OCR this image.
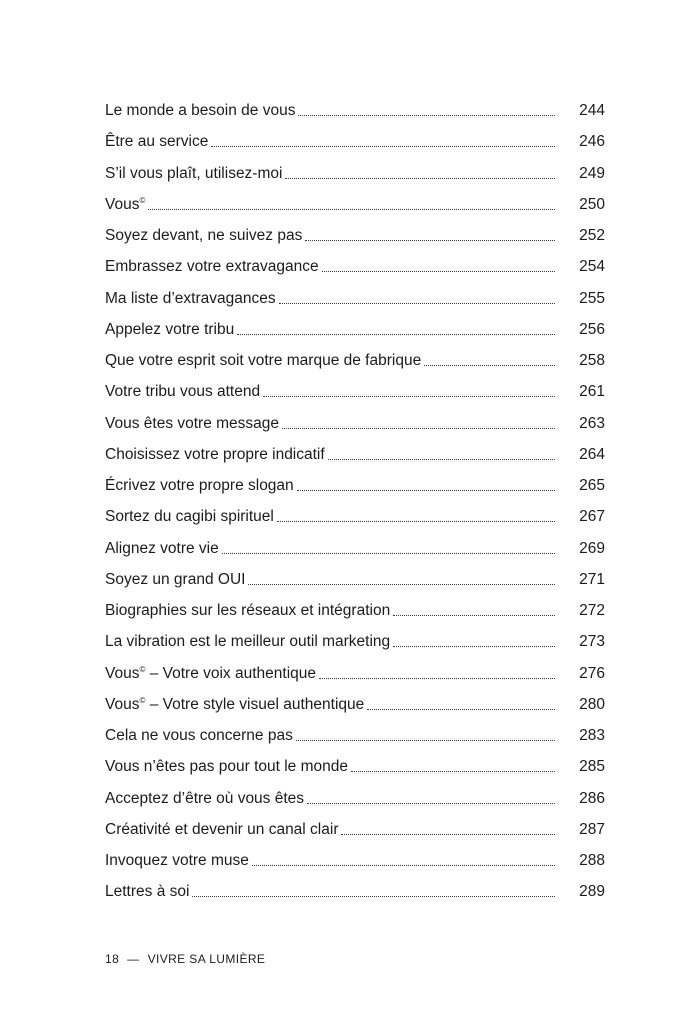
Le monde a besoin de vous	244
Être au service	246
S’il vous plaît, utilisez-moi	249
Vous©	250
Soyez devant, ne suivez pas	252
Embrassez votre extravagance	254
Ma liste d’extravagances	255
Appelez votre tribu	256
Que votre esprit soit votre marque de fabrique	258
Votre tribu vous attend	261
Vous êtes votre message	263
Choisissez votre propre indicatif	264
Écrivez votre propre slogan	265
Sortez du cagibi spirituel	267
Alignez votre vie	269
Soyez un grand OUI	271
Biographies sur les réseaux et intégration	272
La vibration est le meilleur outil marketing	273
Vous© – Votre voix authentique	276
Vous© – Votre style visuel authentique	280
Cela ne vous concerne pas	283
Vous n’êtes pas pour tout le monde	285
Acceptez d’être où vous êtes	286
Créativité et devenir un canal clair	287
Invoquez votre muse	288
Lettres à soi	289
18 — VIVRE SA LUMIÈRE
